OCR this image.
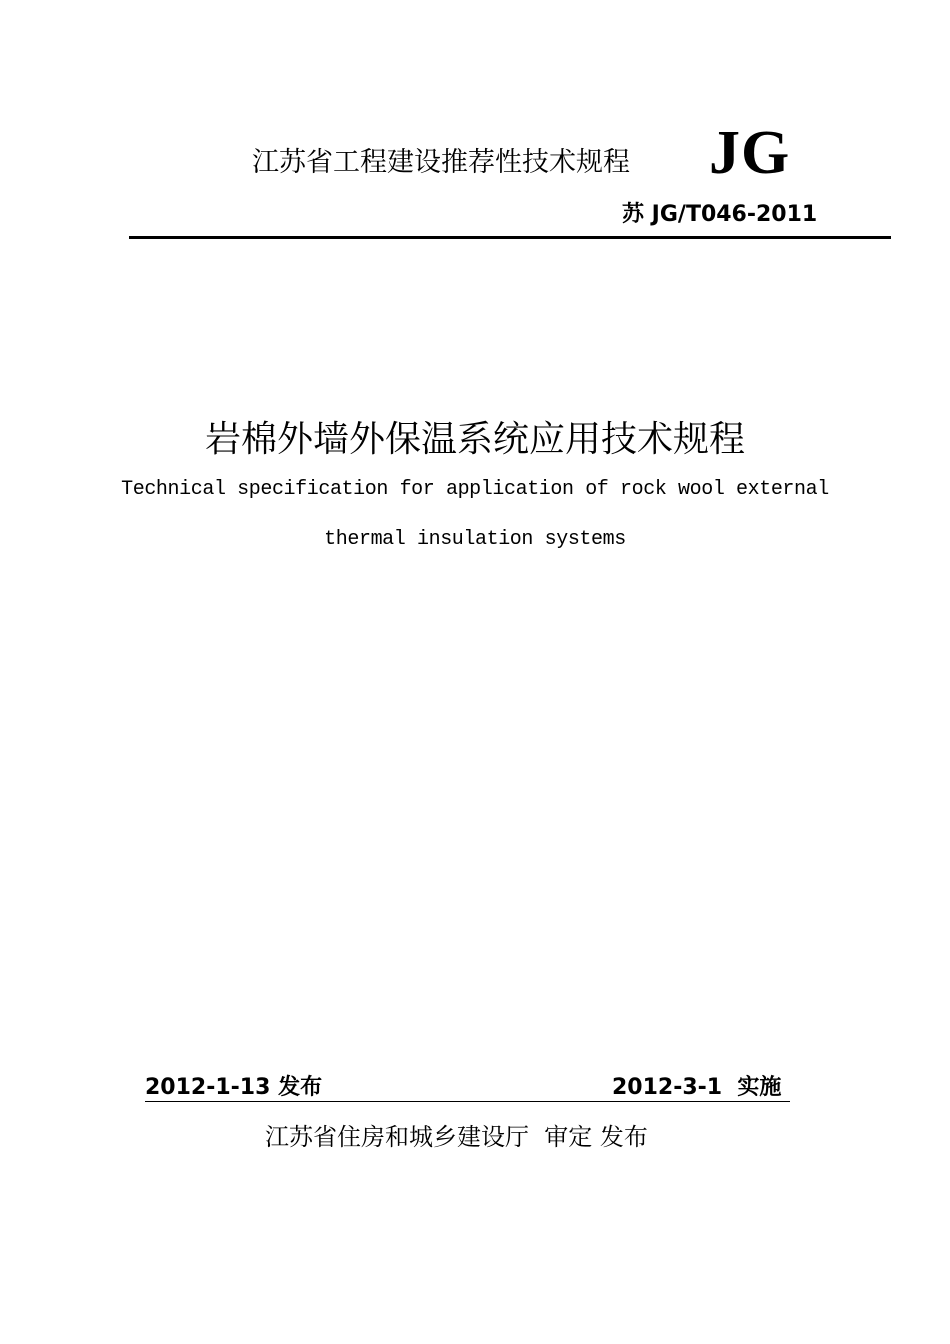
江苏省工程建设推荐性技术规程 JG
苏 JG/T046-2011
岩棉外墙外保温系统应用技术规程
Technical specification for application of rock wool external
thermal insulation systems
2012-1-13 发布	2012-3-1  实施
江苏省住房和城乡建设厅  审定 发布
